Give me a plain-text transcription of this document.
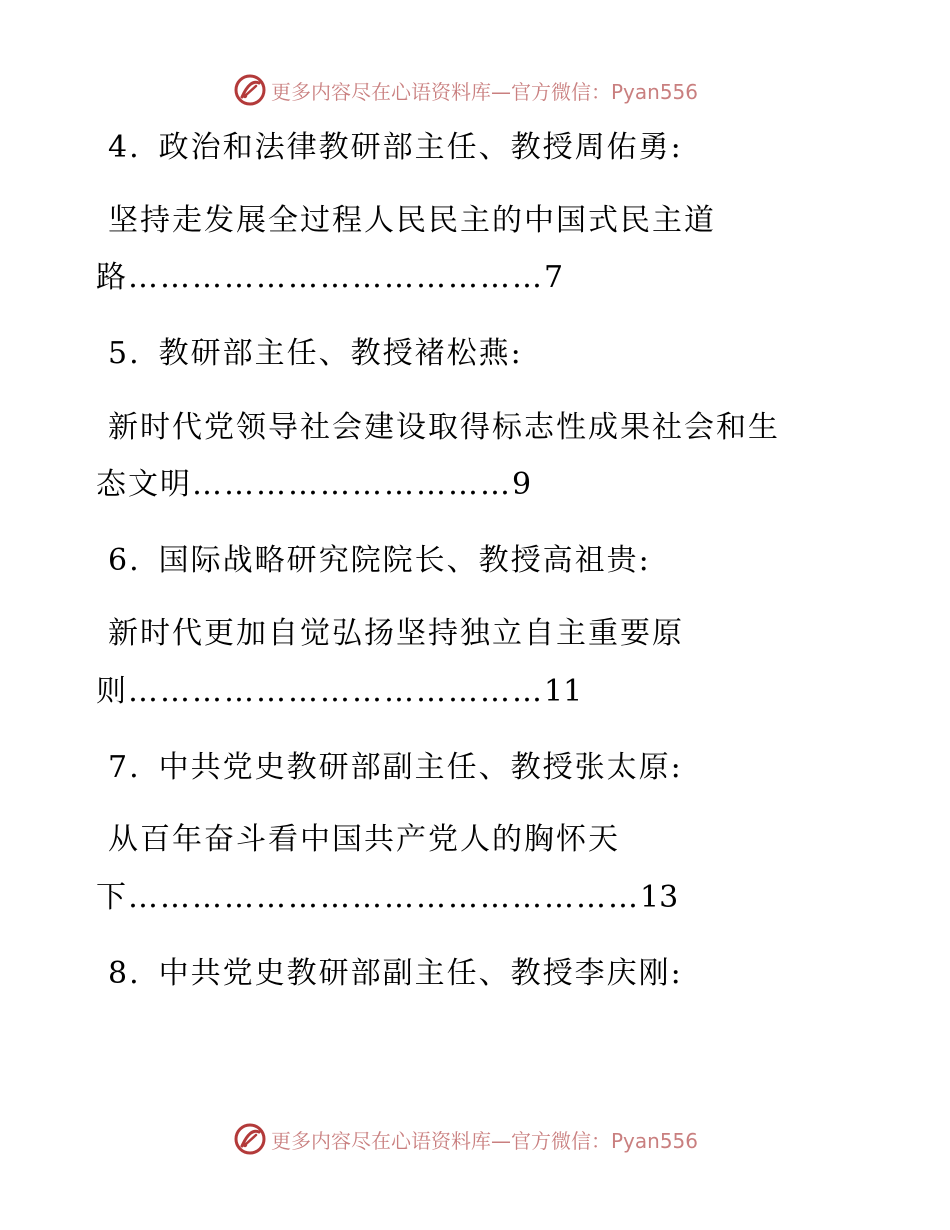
更多内容尽在心语资料库—官方微信：Pyan556
4. 政治和法律教研部主任、教授周佑勇:
坚持走发展全过程人民民主的中国式民主道
路…………………………………7
5. 教研部主任、教授褚松燕:
新时代党领导社会建设取得标志性成果社会和生
态文明…………………………9
6. 国际战略研究院院长、教授高祖贵:
新时代更加自觉弘扬坚持独立自主重要原
则…………………………………11
7. 中共党史教研部副主任、教授张太原:
从百年奋斗看中国共产党人的胸怀天
下…………………………………………13
8. 中共党史教研部副主任、教授李庆刚:
更多内容尽在心语资料库—官方微信：Pyan556
